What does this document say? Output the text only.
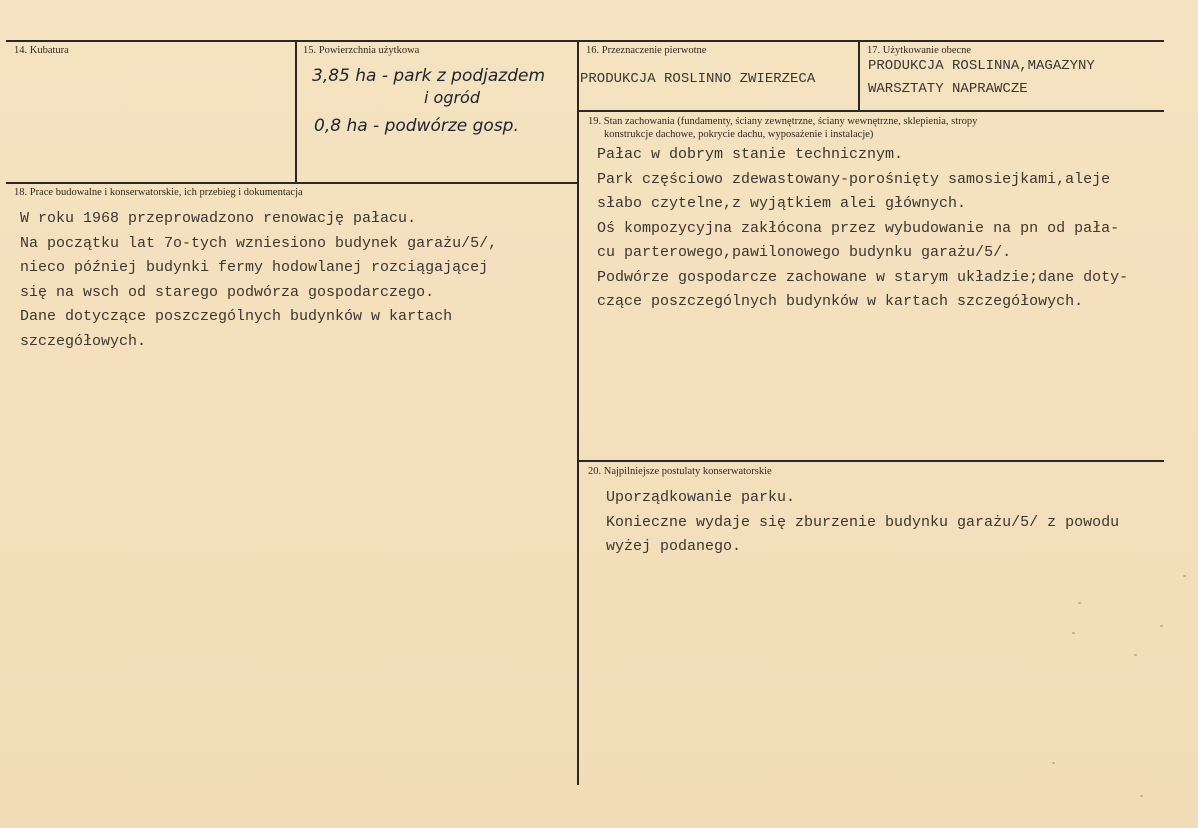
14. Kubatura	15. Powierzchnia użytkowa
3,85 ha - park z podjazdem
i ogród
0,8 ha - podwórze gosp.
16. Przeznaczenie pierwotne
PRODUKCJA ROSLINNO ZWIERZECA
17. Użytkowanie obecne
PRODUKCJA ROSLINNA,MAGAZYNY
WARSZTATY NAPRAWCZE
18. Prace budowalne i konserwatorskie, ich przebieg i dokumentacja
W roku 1968 przeprowadzono renowację pałacu.
Na początku lat 7o-tych wzniesiono budynek garażu/5/,
nieco później budynki fermy hodowlanej rozciągającej
się na wsch od starego podwórza gospodarczego.
Dane dotyczące poszczególnych budynków w kartach
szczegółowych.
19. Stan zachowania (fundamenty, ściany zewnętrzne, ściany wewnętrzne, sklepienia, stropy
konstrukcje dachowe, pokrycie dachu, wyposażenie i instalacje)
Pałac w dobrym stanie technicznym.
Park częściowo zdewastowany-porośnięty samosiejkami,aleje
słabo czytelne,z wyjątkiem alei głównych.
Oś kompozycyjna zakłócona przez wybudowanie na pn od pała-
cu parterowego,pawilonowego budynku garażu/5/.
Podwórze gospodarcze zachowane w starym układzie;dane doty-
czące poszczególnych budynków w kartach szczegółowych.
20. Najpilniejsze postulaty konserwatorskie
Uporządkowanie parku.
Konieczne wydaje się zburzenie budynku garażu/5/ z powodu
wyżej podanego.
